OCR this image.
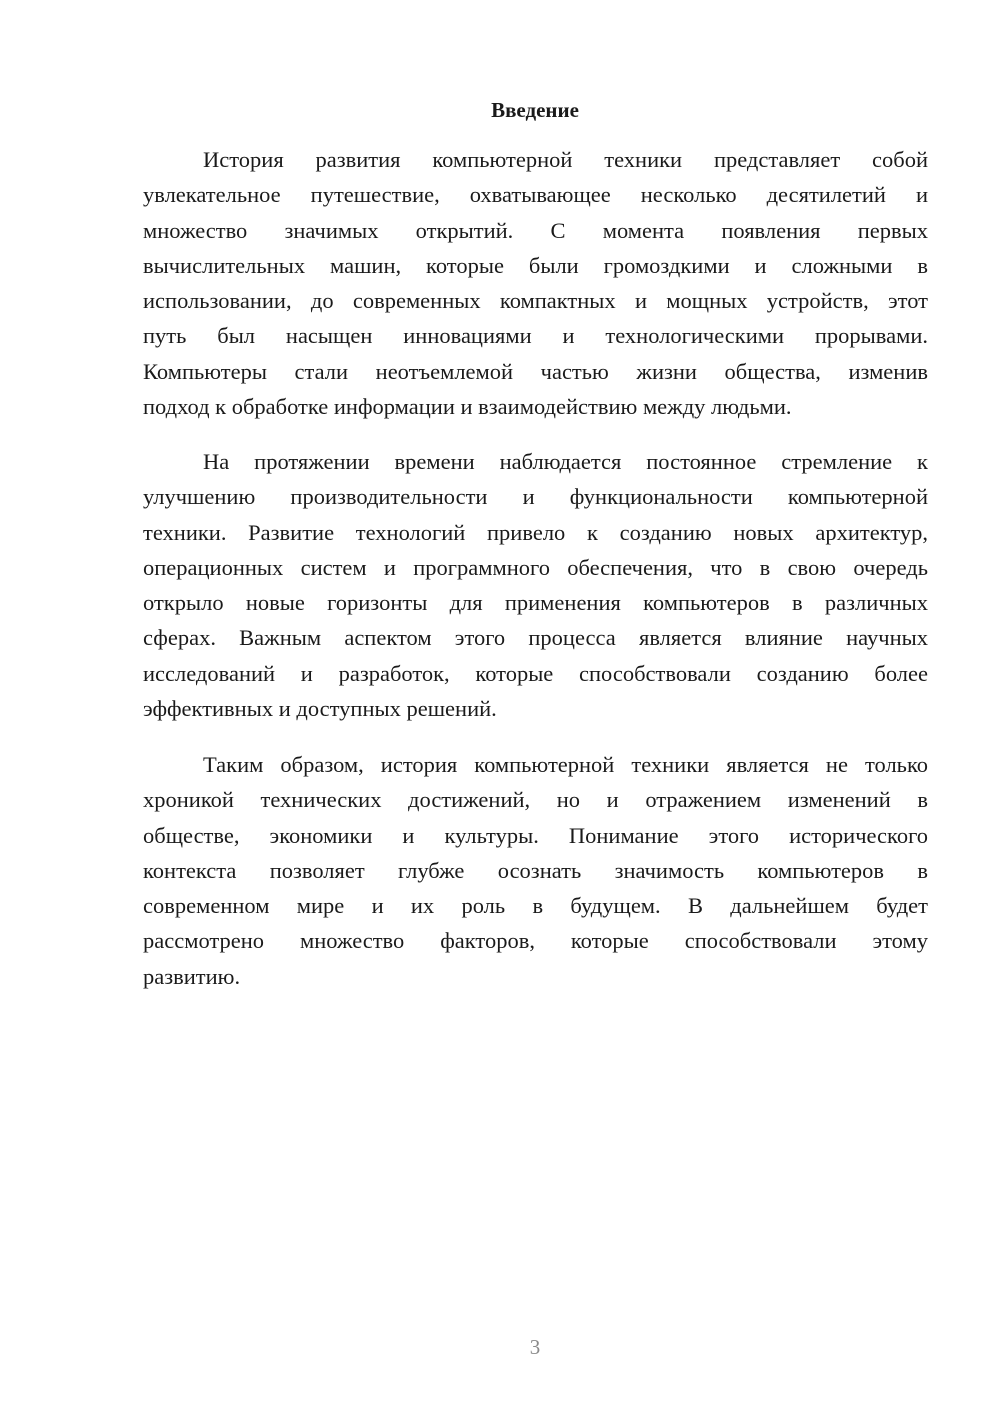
Введение
История развития компьютерной техники представляет собой
увлекательное путешествие, охватывающее несколько десятилетий и
множество значимых открытий. С момента появления первых
вычислительных машин, которые были громоздкими и сложными в
использовании, до современных компактных и мощных устройств, этот
путь был насыщен инновациями и технологическими прорывами.
Компьютеры стали неотъемлемой частью жизни общества, изменив
подход к обработке информации и взаимодействию между людьми.
На протяжении времени наблюдается постоянное стремление к
улучшению производительности и функциональности компьютерной
техники. Развитие технологий привело к созданию новых архитектур,
операционных систем и программного обеспечения, что в свою очередь
открыло новые горизонты для применения компьютеров в различных
сферах. Важным аспектом этого процесса является влияние научных
исследований и разработок, которые способствовали созданию более
эффективных и доступных решений.
Таким образом, история компьютерной техники является не только
хроникой технических достижений, но и отражением изменений в
обществе, экономики и культуры. Понимание этого исторического
контекста позволяет глубже осознать значимость компьютеров в
современном мире и их роль в будущем. В дальнейшем будет
рассмотрено множество факторов, которые способствовали этому
развитию.
3
